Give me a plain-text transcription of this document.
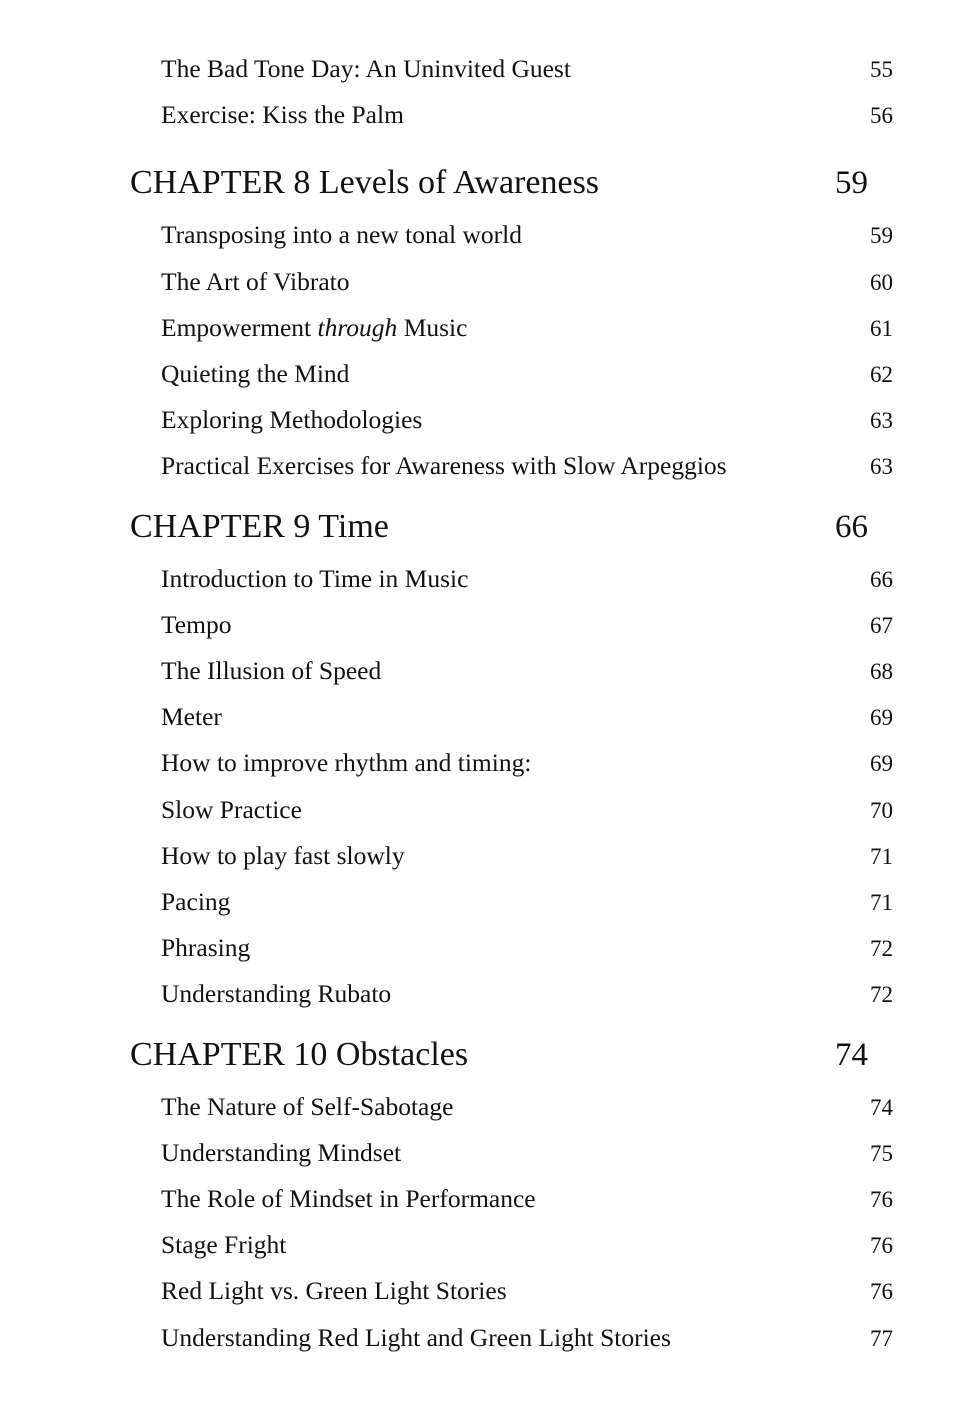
The Bad Tone Day: An Uninvited Guest	55
Exercise: Kiss the Palm	56
CHAPTER 8 Levels of Awareness	59
Transposing into a new tonal world	59
The Art of Vibrato	60
Empowerment through Music	61
Quieting the Mind	62
Exploring Methodologies	63
Practical Exercises for Awareness with Slow Arpeggios	63
CHAPTER 9 Time	66
Introduction to Time in Music	66
Tempo	67
The Illusion of Speed	68
Meter	69
How to improve rhythm and timing:	69
Slow Practice	70
How to play fast slowly	71
Pacing	71
Phrasing	72
Understanding Rubato	72
CHAPTER 10 Obstacles	74
The Nature of Self-Sabotage	74
Understanding Mindset	75
The Role of Mindset in Performance	76
Stage Fright	76
Red Light vs. Green Light Stories	76
Understanding Red Light and Green Light Stories	77
